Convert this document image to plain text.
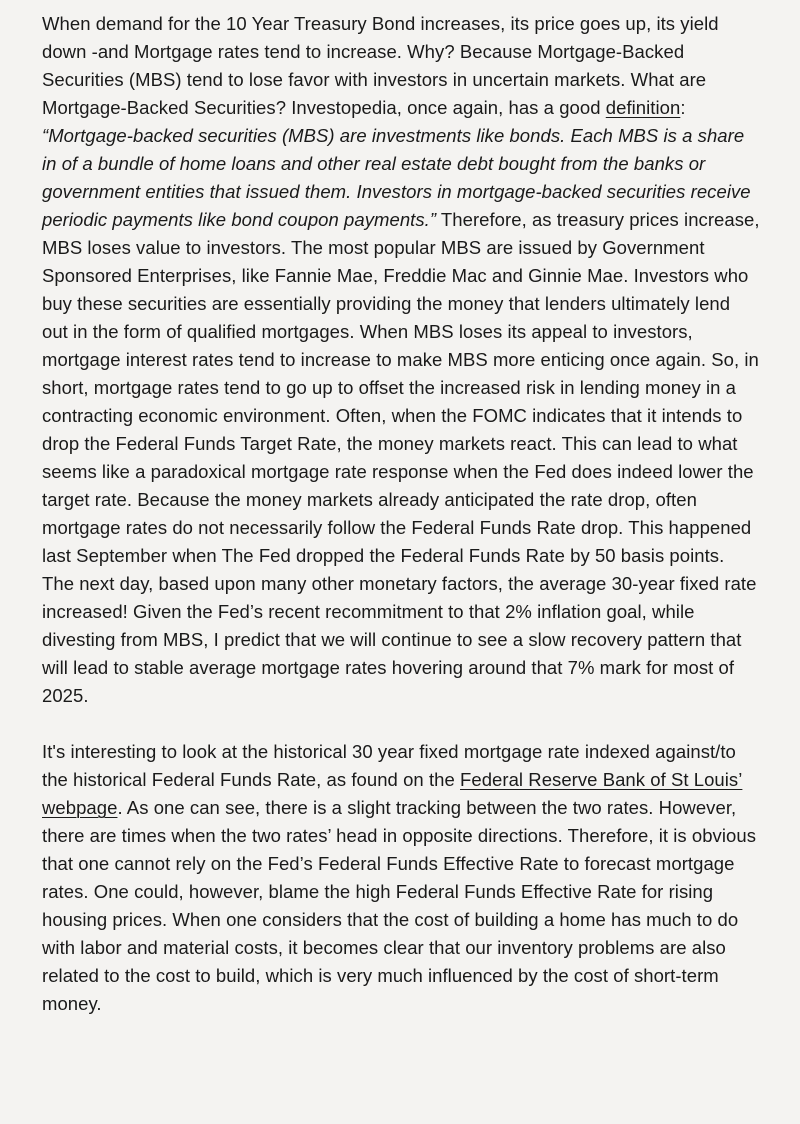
When demand for the 10 Year Treasury Bond increases, its price goes up, its yield down -and Mortgage rates tend to increase. Why? Because Mortgage-Backed Securities (MBS) tend to lose favor with investors in uncertain markets. What are Mortgage-Backed Securities? Investopedia, once again, has a good definition: “Mortgage-backed securities (MBS) are investments like bonds. Each MBS is a share in of a bundle of home loans and other real estate debt bought from the banks or government entities that issued them. Investors in mortgage-backed securities receive periodic payments like bond coupon payments.” Therefore, as treasury prices increase, MBS loses value to investors. The most popular MBS are issued by Government Sponsored Enterprises, like Fannie Mae, Freddie Mac and Ginnie Mae. Investors who buy these securities are essentially providing the money that lenders ultimately lend out in the form of qualified mortgages. When MBS loses its appeal to investors, mortgage interest rates tend to increase to make MBS more enticing once again. So, in short, mortgage rates tend to go up to offset the increased risk in lending money in a contracting economic environment. Often, when the FOMC indicates that it intends to drop the Federal Funds Target Rate, the money markets react. This can lead to what seems like a paradoxical mortgage rate response when the Fed does indeed lower the target rate. Because the money markets already anticipated the rate drop, often mortgage rates do not necessarily follow the Federal Funds Rate drop. This happened last September when The Fed dropped the Federal Funds Rate by 50 basis points. The next day, based upon many other monetary factors, the average 30-year fixed rate increased! Given the Fed’s recent recommitment to that 2% inflation goal, while divesting from MBS, I predict that we will continue to see a slow recovery pattern that will lead to stable average mortgage rates hovering around that 7% mark for most of 2025.

It's interesting to look at the historical 30 year fixed mortgage rate indexed against/to the historical Federal Funds Rate, as found on the Federal Reserve Bank of St Louis’ webpage. As one can see, there is a slight tracking between the two rates. However, there are times when the two rates’ head in opposite directions. Therefore, it is obvious that one cannot rely on the Fed’s Federal Funds Effective Rate to forecast mortgage rates. One could, however, blame the high Federal Funds Effective Rate for rising housing prices. When one considers that the cost of building a home has much to do with labor and material costs, it becomes clear that our inventory problems are also related to the cost to build, which is very much influenced by the cost of short-term money.
